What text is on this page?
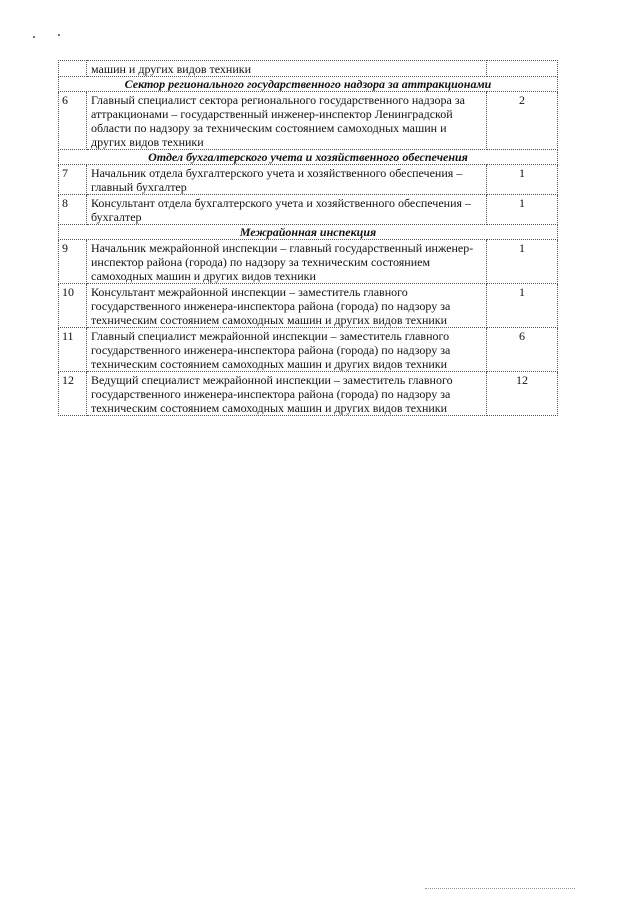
	машин и других видов техники	
Сектор регионального государственного надзора за аттракционами		
6	Главный специалист сектора регионального государственного надзора за аттракционами – государственный инженер-инспектор Ленинградской области по надзору за техническим состоянием самоходных машин и других видов техники	2
Отдел бухгалтерского учета и хозяйственного обеспечения		
7	Начальник отдела бухгалтерского учета и хозяйственного обеспечения – главный бухгалтер	1
8	Консультант отдела бухгалтерского учета и хозяйственного обеспечения – бухгалтер	1
Межрайонная инспекция		
9	Начальник межрайонной инспекции – главный государственный инженер-инспектор района (города) по надзору за техническим состоянием самоходных машин и других видов техники	1
10	Консультант межрайонной инспекции – заместитель главного государственного инженера-инспектора района (города) по надзору за техническим состоянием самоходных машин и других видов техники	1
11	Главный специалист межрайонной инспекции – заместитель главного государственного инженера-инспектора района (города) по надзору за техническим состоянием самоходных машин и других видов техники	6
12	Ведущий специалист межрайонной инспекции – заместитель главного государственного инженера-инспектора района (города) по надзору за техническим состоянием самоходных машин и других видов техники	12
